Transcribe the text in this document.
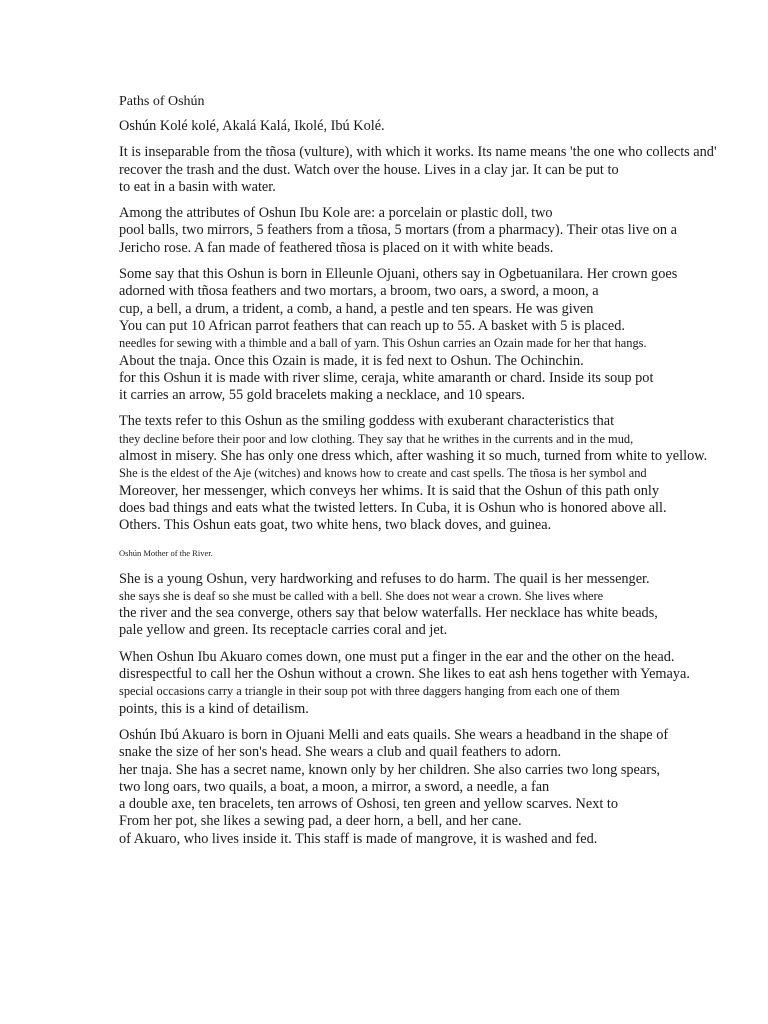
Paths of Oshún
Oshún Kolé kolé, Akalá Kalá, Ikolé, Ibú Kolé.
It is inseparable from the tñosa (vulture), with which it works. Its name means 'the one who collects and'
recover the trash and the dust. Watch over the house. Lives in a clay jar. It can be put to
to eat in a basin with water.
Among the attributes of Oshun Ibu Kole are: a porcelain or plastic doll, two
pool balls, two mirrors, 5 feathers from a tñosa, 5 mortars (from a pharmacy). Their otas live on a
Jericho rose. A fan made of feathered tñosa is placed on it with white beads.
Some say that this Oshun is born in Elleunle Ojuani, others say in Ogbetuanilara. Her crown goes
adorned with tñosa feathers and two mortars, a broom, two oars, a sword, a moon, a
cup, a bell, a drum, a trident, a comb, a hand, a pestle and ten spears. He was given
You can put 10 African parrot feathers that can reach up to 55. A basket with 5 is placed.
needles for sewing with a thimble and a ball of yarn. This Oshun carries an Ozain made for her that hangs.
About the tnaja. Once this Ozain is made, it is fed next to Oshun. The Ochinchin.
for this Oshun it is made with river slime, ceraja, white amaranth or chard. Inside its soup pot
it carries an arrow, 55 gold bracelets making a necklace, and 10 spears.
The texts refer to this Oshun as the smiling goddess with exuberant characteristics that
they decline before their poor and low clothing. They say that he writhes in the currents and in the mud,
almost in misery. She has only one dress which, after washing it so much, turned from white to yellow.
She is the eldest of the Aje (witches) and knows how to create and cast spells. The tñosa is her symbol and
Moreover, her messenger, which conveys her whims. It is said that the Oshun of this path only
does bad things and eats what the twisted letters. In Cuba, it is Oshun who is honored above all.
Others. This Oshun eats goat, two white hens, two black doves, and guinea.
Oshún Mother of the River.
She is a young Oshun, very hardworking and refuses to do harm. The quail is her messenger.
she says she is deaf so she must be called with a bell. She does not wear a crown. She lives where
the river and the sea converge, others say that below waterfalls. Her necklace has white beads,
pale yellow and green. Its receptacle carries coral and jet.
When Oshun Ibu Akuaro comes down, one must put a finger in the ear and the other on the head.
disrespectful to call her the Oshun without a crown. She likes to eat ash hens together with Yemaya.
special occasions carry a triangle in their soup pot with three daggers hanging from each one of them
points, this is a kind of detailism.
Oshún Ibú Akuaro is born in Ojuani Melli and eats quails. She wears a headband in the shape of
snake the size of her son's head. She wears a club and quail feathers to adorn.
her tnaja. She has a secret name, known only by her children. She also carries two long spears,
two long oars, two quails, a boat, a moon, a mirror, a sword, a needle, a fan
a double axe, ten bracelets, ten arrows of Oshosi, ten green and yellow scarves. Next to
From her pot, she likes a sewing pad, a deer horn, a bell, and her cane.
of Akuaro, who lives inside it. This staff is made of mangrove, it is washed and fed.
